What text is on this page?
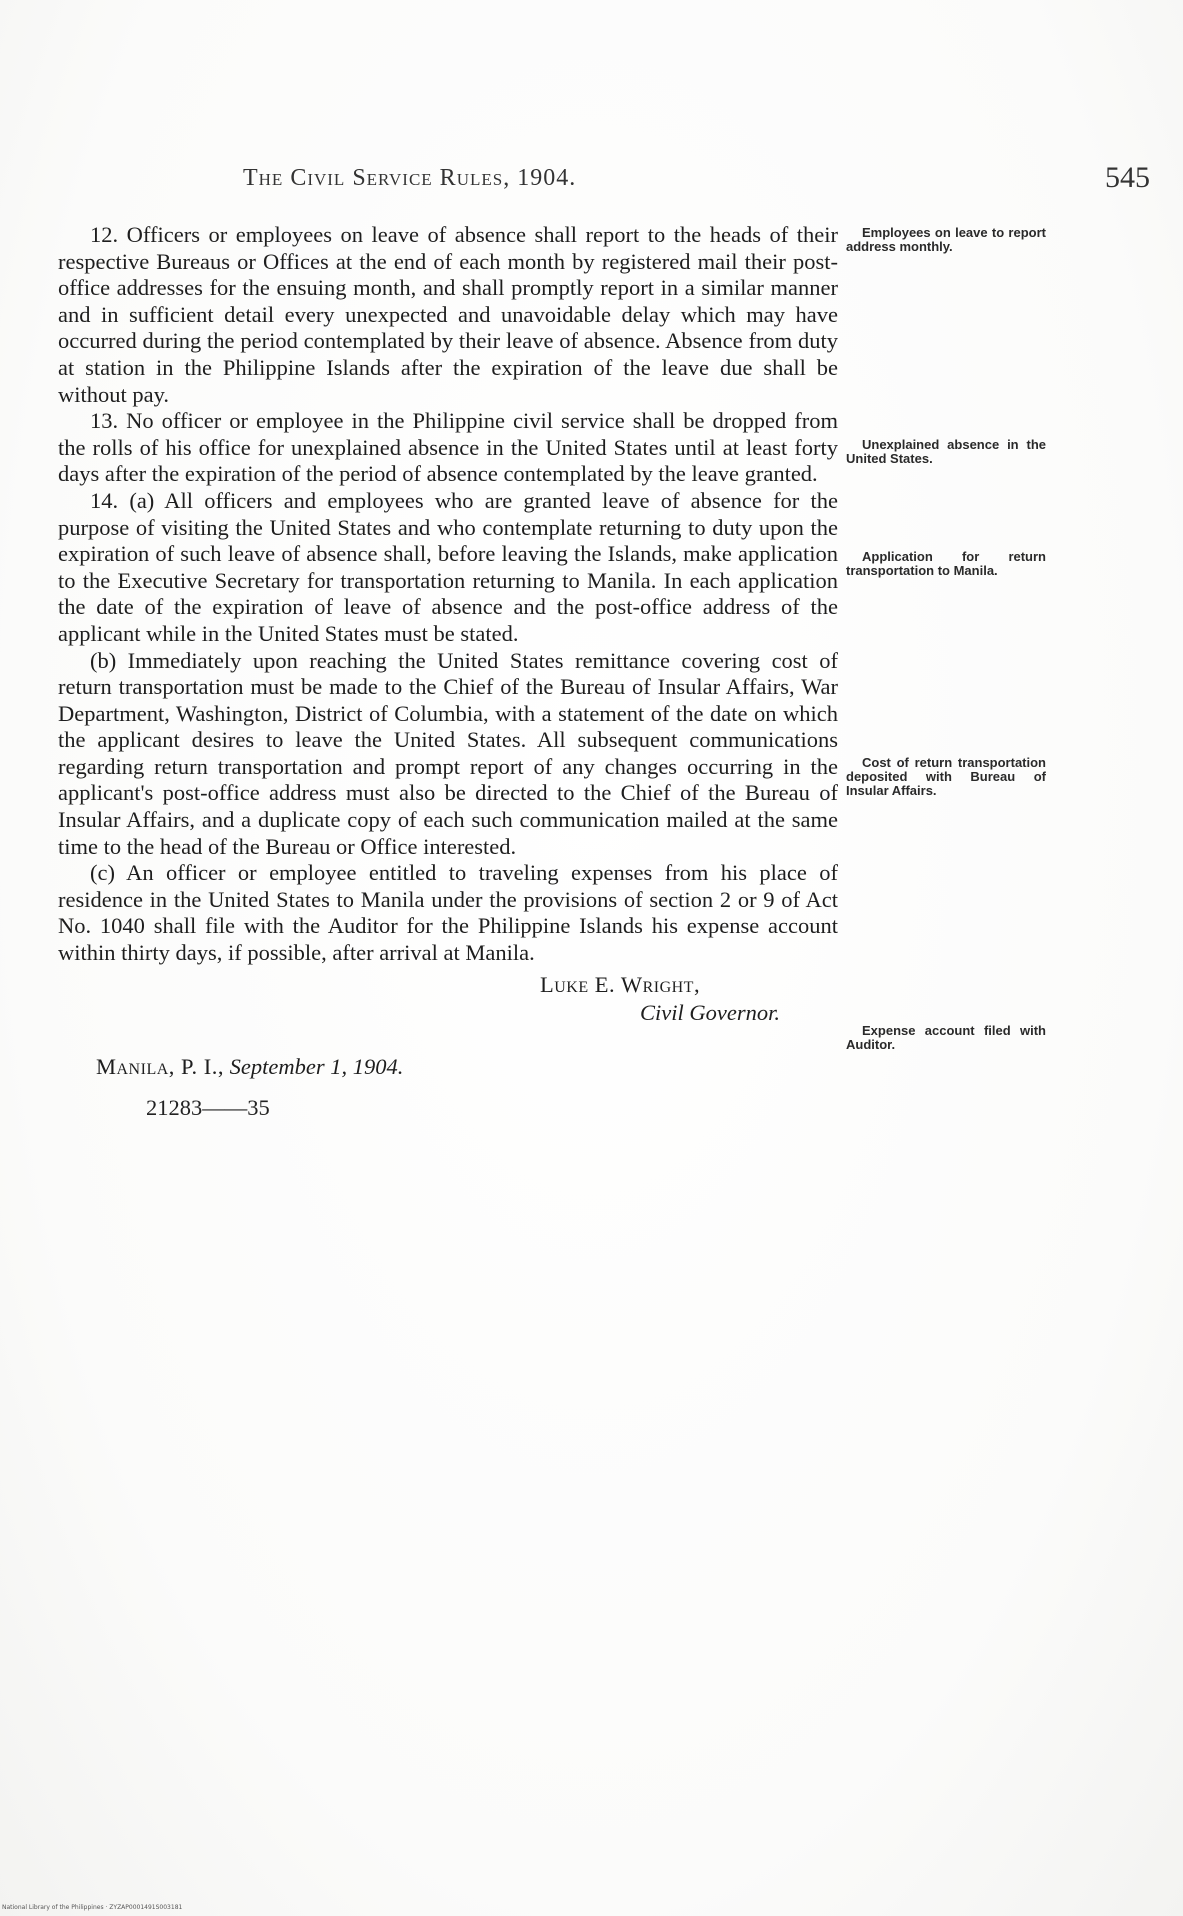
The Civil Service Rules, 1904.	545

12. Officers or employees on leave of absence shall report to the heads of their respective Bureaus or Offices at the end of each month by registered mail their post-office addresses for the ensuing month, and shall promptly report in a similar manner and in sufficient detail every unexpected and unavoidable delay which may have occurred during the period contemplated by their leave of absence. Absence from duty at station in the Philippine Islands after the expiration of the leave due shall be without pay.

13. No officer or employee in the Philippine civil service shall be dropped from the rolls of his office for unexplained absence in the United States until at least forty days after the expiration of the period of absence contemplated by the leave granted.

14. (a) All officers and employees who are granted leave of absence for the purpose of visiting the United States and who contemplate returning to duty upon the expiration of such leave of absence shall, before leaving the Islands, make application to the Executive Secretary for transportation returning to Manila. In each application the date of the expiration of leave of absence and the post-office address of the applicant while in the United States must be stated.

(b) Immediately upon reaching the United States remittance covering cost of return transportation must be made to the Chief of the Bureau of Insular Affairs, War Department, Washington, District of Columbia, with a statement of the date on which the applicant desires to leave the United States. All subsequent communications regarding return transportation and prompt report of any changes occurring in the applicant's post-office address must also be directed to the Chief of the Bureau of Insular Affairs, and a duplicate copy of each such communication mailed at the same time to the head of the Bureau or Office interested.

(c) An officer or employee entitled to traveling expenses from his place of residence in the United States to Manila under the provisions of section 2 or 9 of Act No. 1040 shall file with the Auditor for the Philippine Islands his expense account within thirty days, if possible, after arrival at Manila.

Employees on leave to report address monthly.
Unexplained absence in the United States.
Application for return transportation to Manila.
Cost of return transportation deposited with Bureau of Insular Affairs.
Expense account filed with Auditor.
Luke E. Wright,
Civil Governor.
Manila, P. I., September 1, 1904.
21283——35
National Library of the Philippines · ZYZAP0001491S003181
